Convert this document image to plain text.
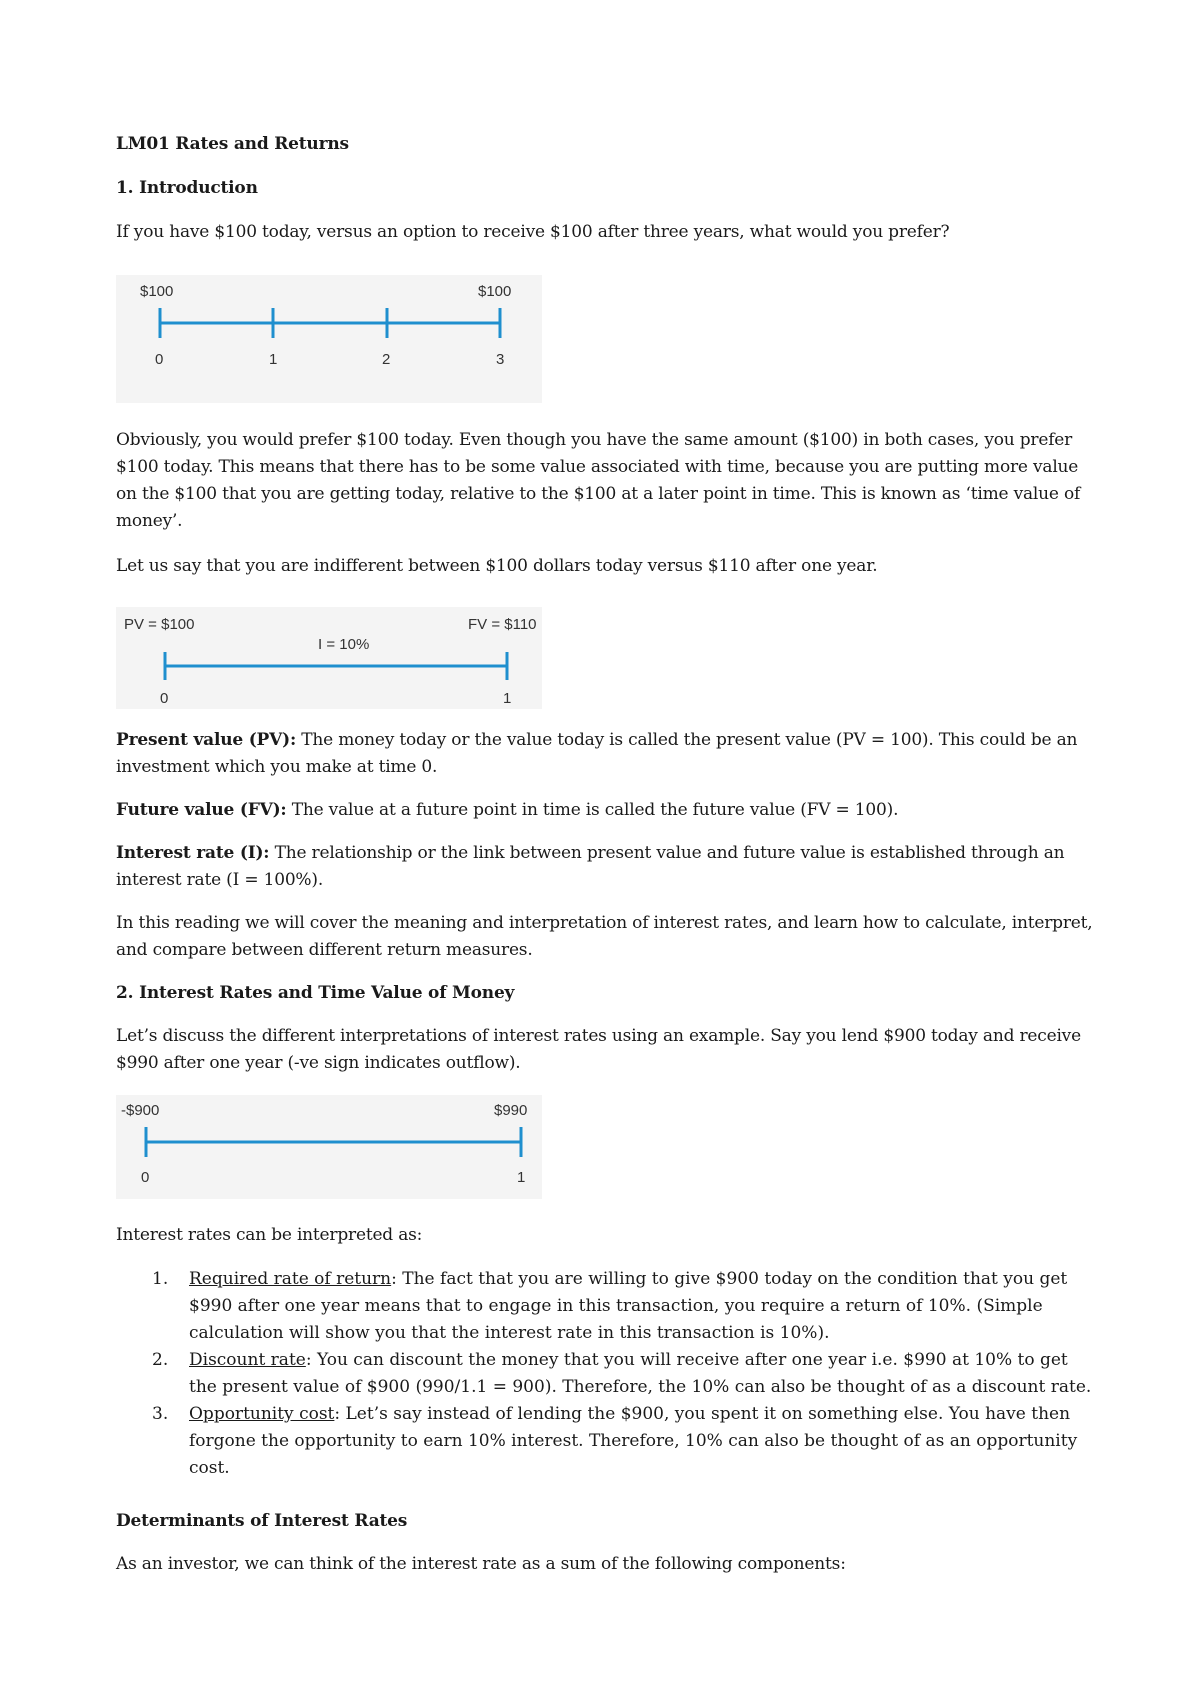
LM01 Rates and Returns

1. Introduction

If you have $100 today, versus an option to receive $100 after three years, what would you prefer?

$100	$100
0	1	2	3

Obviously, you would prefer $100 today. Even though you have the same amount ($100) in both cases, you prefer $100 today. This means that there has to be some value associated with time, because you are putting more value on the $100 that you are getting today, relative to the $100 at a later point in time. This is known as ‘time value of money’.

Let us say that you are indifferent between $100 dollars today versus $110 after one year.

PV = $100	FV = $110
I = 10%
0	1

Present value (PV): The money today or the value today is called the present value (PV = 100). This could be an investment which you make at time 0.

Future value (FV): The value at a future point in time is called the future value (FV = 100).

Interest rate (I): The relationship or the link between present value and future value is established through an interest rate (I = 100%).

In this reading we will cover the meaning and interpretation of interest rates, and learn how to calculate, interpret, and compare between different return measures.

2. Interest Rates and Time Value of Money

Let’s discuss the different interpretations of interest rates using an example. Say you lend $900 today and receive $990 after one year (-ve sign indicates outflow).

-$900	$990
0	1

Interest rates can be interpreted as:

1. Required rate of return: The fact that you are willing to give $900 today on the condition that you get $990 after one year means that to engage in this transaction, you require a return of 10%. (Simple calculation will show you that the interest rate in this transaction is 10%).
2. Discount rate: You can discount the money that you will receive after one year i.e. $990 at 10% to get the present value of $900 (990/1.1 = 900). Therefore, the 10% can also be thought of as a discount rate.
3. Opportunity cost: Let’s say instead of lending the $900, you spent it on something else. You have then forgone the opportunity to earn 10% interest. Therefore, 10% can also be thought of as an opportunity cost.

Determinants of Interest Rates

As an investor, we can think of the interest rate as a sum of the following components:
